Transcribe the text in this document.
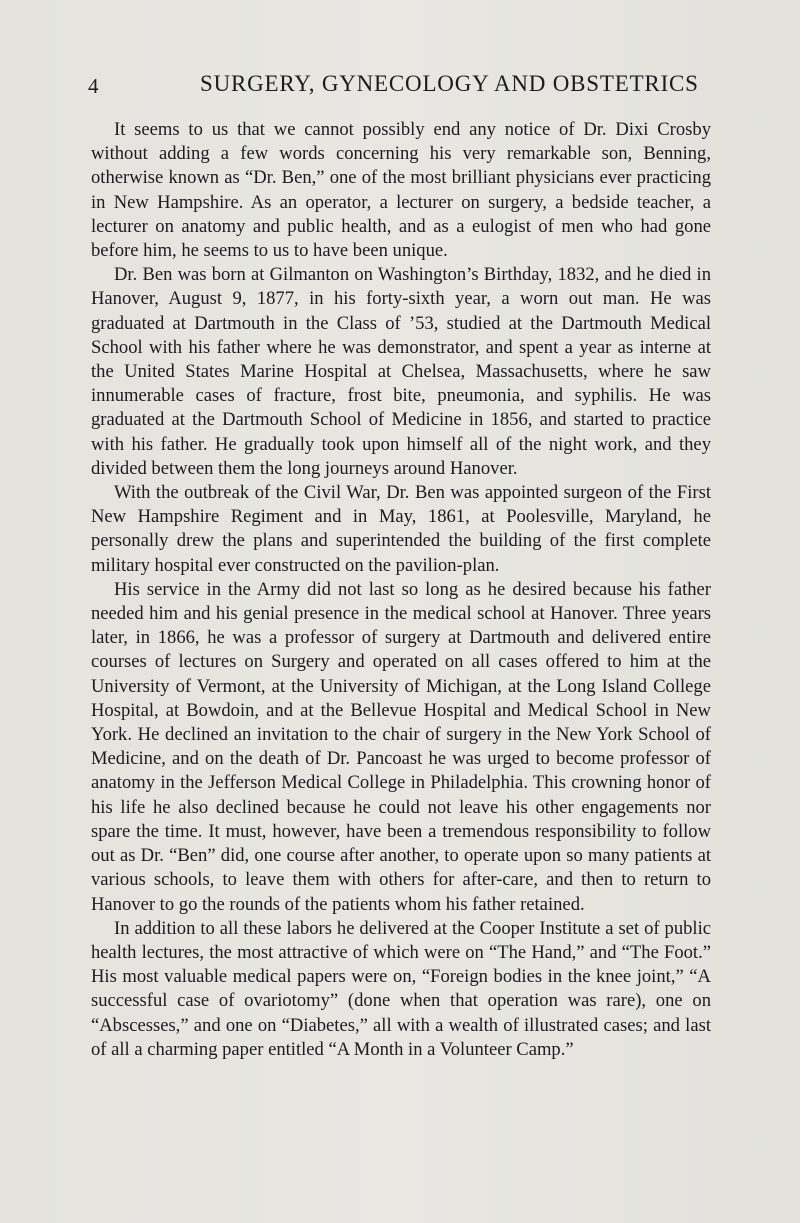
4	SURGERY, GYNECOLOGY AND OBSTETRICS

It seems to us that we cannot possibly end any notice of Dr. Dixi Crosby without adding a few words concerning his very remarkable son, Benning, otherwise known as “Dr. Ben,” one of the most brilliant physicians ever practicing in New Hampshire. As an operator, a lecturer on surgery, a bedside teacher, a lecturer on anatomy and public health, and as a eulogist of men who had gone before him, he seems to us to have been unique.

Dr. Ben was born at Gilmanton on Washington’s Birthday, 1832, and he died in Hanover, August 9, 1877, in his forty-sixth year, a worn out man. He was graduated at Dartmouth in the Class of ’53, studied at the Dartmouth Medical School with his father where he was demonstrator, and spent a year as interne at the United States Marine Hospital at Chelsea, Massachusetts, where he saw innumerable cases of fracture, frost bite, pneumonia, and syphilis. He was graduated at the Dartmouth School of Medicine in 1856, and started to practice with his father. He gradually took upon himself all of the night work, and they divided between them the long journeys around Hanover.

With the outbreak of the Civil War, Dr. Ben was appointed surgeon of the First New Hampshire Regiment and in May, 1861, at Poolesville, Maryland, he personally drew the plans and superintended the building of the first complete military hospital ever constructed on the pavilion-plan.

His service in the Army did not last so long as he desired because his father needed him and his genial presence in the medical school at Hanover. Three years later, in 1866, he was a professor of surgery at Dartmouth and delivered entire courses of lectures on Surgery and operated on all cases offered to him at the University of Vermont, at the University of Michigan, at the Long Island College Hospital, at Bowdoin, and at the Bellevue Hospital and Medical School in New York. He declined an invitation to the chair of surgery in the New York School of Medicine, and on the death of Dr. Pancoast he was urged to become professor of anatomy in the Jefferson Medical College in Philadelphia. This crowning honor of his life he also declined because he could not leave his other engagements nor spare the time. It must, however, have been a tremendous responsibility to follow out as Dr. “Ben” did, one course after another, to operate upon so many patients at various schools, to leave them with others for after-care, and then to return to Hanover to go the rounds of the patients whom his father retained.

In addition to all these labors he delivered at the Cooper Institute a set of public health lectures, the most attractive of which were on “The Hand,” and “The Foot.” His most valuable medical papers were on, “Foreign bodies in the knee joint,” “A successful case of ovariotomy” (done when that operation was rare), one on “Abscesses,” and one on “Diabetes,” all with a wealth of illustrated cases; and last of all a charming paper entitled “A Month in a Volunteer Camp.”
